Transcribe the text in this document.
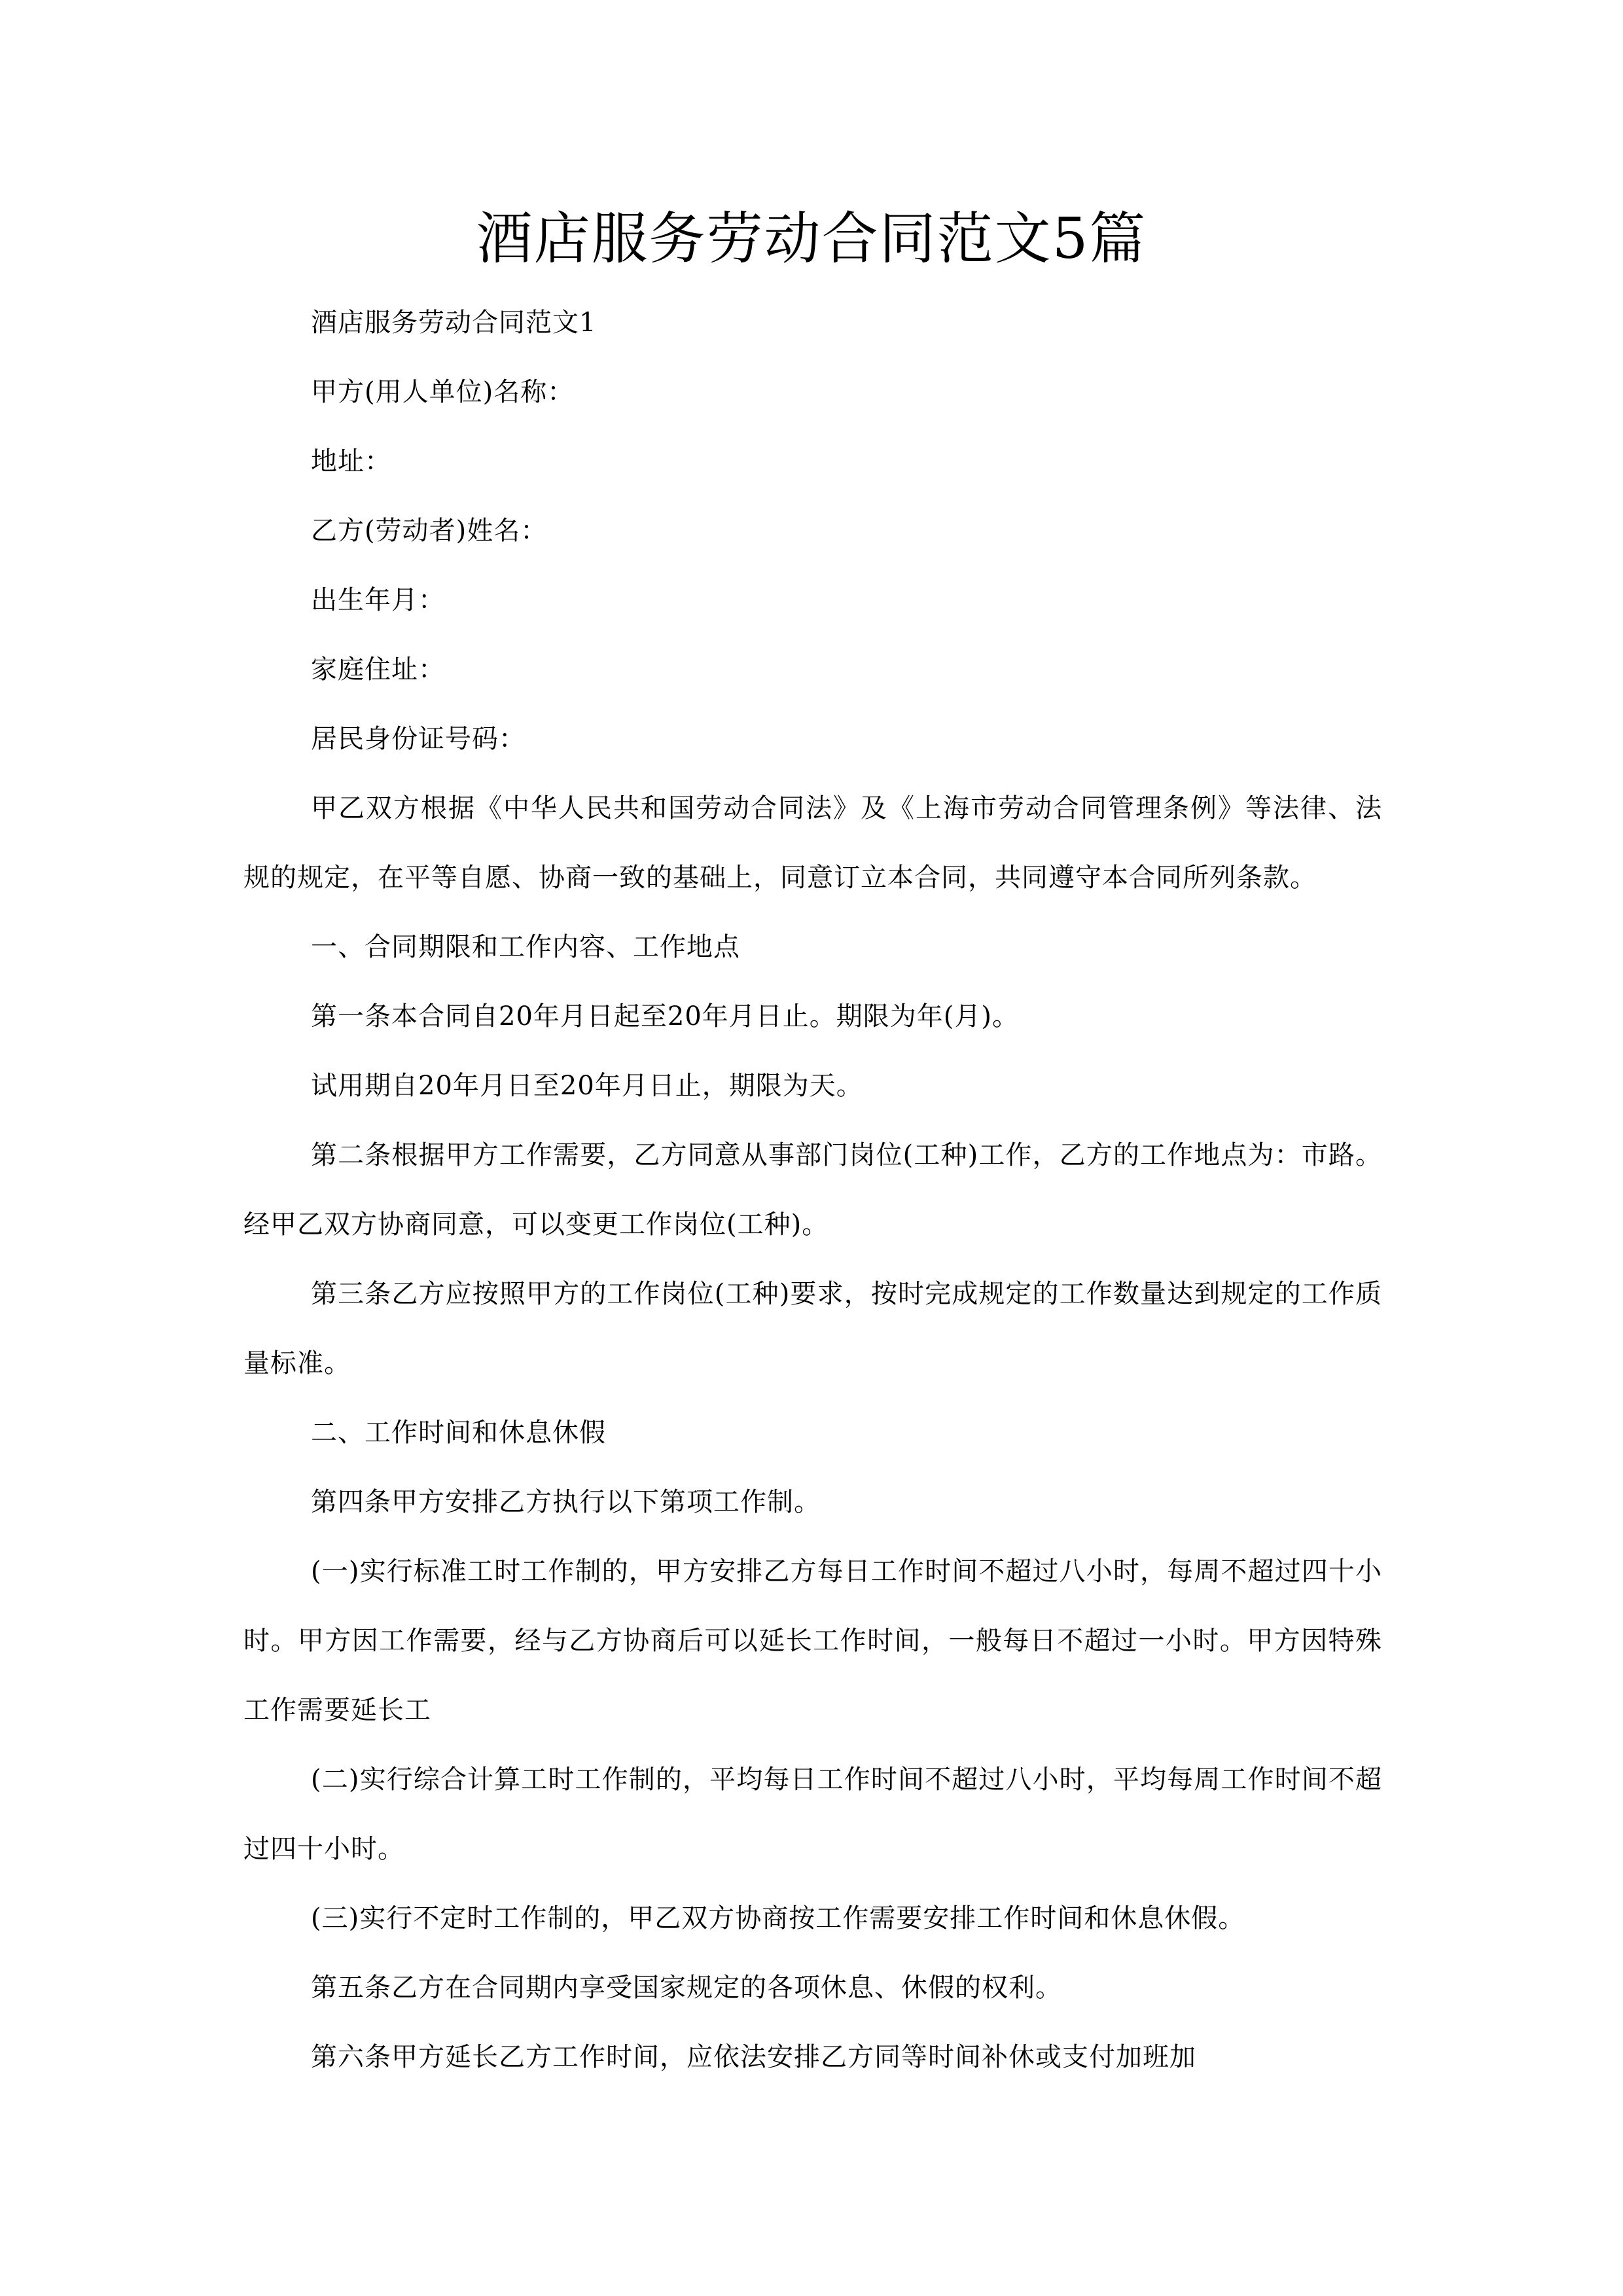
酒店服务劳动合同范文5篇

酒店服务劳动合同范文1

甲方(用人单位)名称：

地址：

乙方(劳动者)姓名：

出生年月：

家庭住址：

居民身份证号码：

甲乙双方根据《中华人民共和国劳动合同法》及《上海市劳动合同管理条例》等法律、法规的规定，在平等自愿、协商一致的基础上，同意订立本合同，共同遵守本合同所列条款。

一、合同期限和工作内容、工作地点

第一条本合同自20年月日起至20年月日止。期限为年(月)。

试用期自20年月日至20年月日止，期限为天。

第二条根据甲方工作需要，乙方同意从事部门岗位(工种)工作，乙方的工作地点为：市路。经甲乙双方协商同意，可以变更工作岗位(工种)。

第三条乙方应按照甲方的工作岗位(工种)要求，按时完成规定的工作数量达到规定的工作质量标准。

二、工作时间和休息休假

第四条甲方安排乙方执行以下第项工作制。

(一)实行标准工时工作制的，甲方安排乙方每日工作时间不超过八小时，每周不超过四十小时。甲方因工作需要，经与乙方协商后可以延长工作时间，一般每日不超过一小时。甲方因特殊工作需要延长工

(二)实行综合计算工时工作制的，平均每日工作时间不超过八小时，平均每周工作时间不超过四十小时。

(三)实行不定时工作制的，甲乙双方协商按工作需要安排工作时间和休息休假。

第五条乙方在合同期内享受国家规定的各项休息、休假的权利。

第六条甲方延长乙方工作时间，应依法安排乙方同等时间补休或支付加班加
